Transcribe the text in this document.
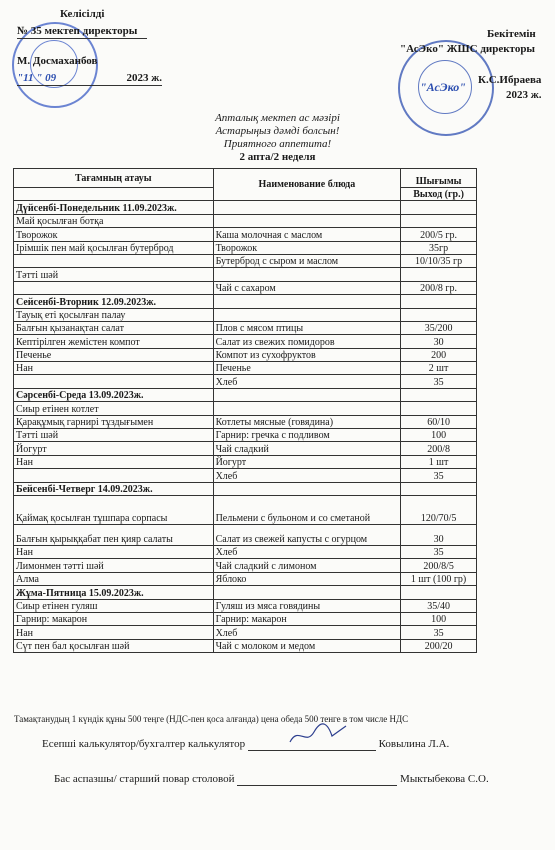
Келісілді
№ 35 мектеп директоры
М. Досмаханбов
"11 " 09	2023 ж.
"АсЭко"
Бекітемін
"АсЭко" ЖШС директоры
К.С.Ибраева
2023 ж.
Апталық мектеп ас мәзірі
Астарыңыз дәмді болсын!
Приятного аппетита!
2 апта/2 неделя
Тағамның атауы	Наименование блюда	Шығымы
		Выход (гр.)
Дүйсенбі-Понедельник 11.09.2023ж.		
Май қосылған ботқа		
Творожок	Каша молочная с маслом	200/5 гр.
Ірімшік пен май қосылған бутерброд	Творожок	35гр
	Бутерброд с сыром и маслом	10/10/35 гр
Тәтті шәй		
	Чай с сахаром	200/8 гр.
Сейсенбі-Вторник 12.09.2023ж.		
Тауық еті қосылған палау		
Балғын қызанақтан салат	Плов с мясом птицы	35/200
Кептірілген жемістен компот	Салат из свежих помидоров	30
Печенье	Компот из сухофруктов	200
Нан	Печенье	2 шт
	Хлеб	35
Сәрсенбі-Среда 13.09.2023ж.		
Сиыр етінен котлет		
Қарақұмық гарнирі тұздығымен	Котлеты мясные (говядина)	60/10
Тәтті шәй	Гарнир: гречка с подливом	100
Йогурт	Чай сладкий	200/8
Нан	Йогурт	1 шт
	Хлеб	35
Бейсенбі-Четверг 14.09.2023ж.		
Қаймақ қосылған тұшпара сорпасы	Пельмени с бульоном и со сметаной	120/70/5
Балғын қырыққабат пен қияр салаты	Салат из свежей капусты с огурцом	30
Нан	Хлеб	35
Лимонмен тәтті шәй	Чай сладкий с лимоном	200/8/5
Алма	Яблоко	1 шт (100 гр)
Жұма-Пятница 15.09.2023ж.		
Сиыр етінен гуляш	Гуляш из мяса говядины	35/40
Гарнир: макарон	Гарнир: макарон	100
Нан	Хлеб	35
Сүт пен бал қосылған шәй	Чай с молоком и медом	200/20
Тамақтанудың 1 күндік құны 500 теңге (НДС-пен қоса алғанда) цена обеда 500 тенге в том числе НДС
Есепші калькулятор/бухгалтер калькулятор	Ковылина Л.А.
Бас аспазшы/ старший повар столовой	Мыктыбекова С.О.
